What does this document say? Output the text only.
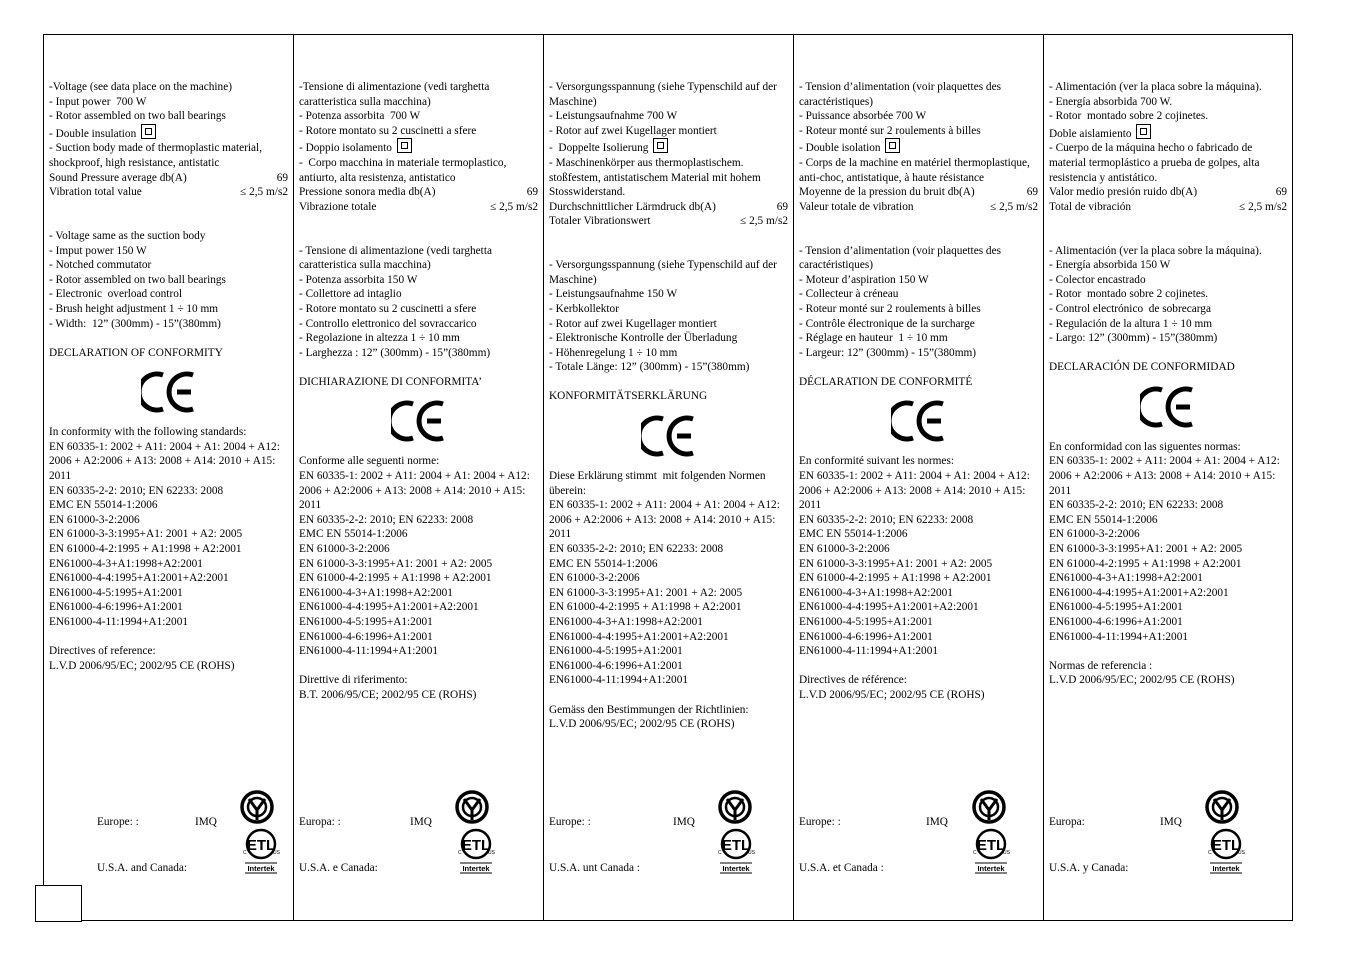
-Voltage (see data place on the machine)
- Input power  700 W
- Rotor assembled on two ball bearings
- Double insulation
- Suction body made of thermoplastic material, shockproof, high resistance, antistatic
Sound Pressure average db(A)	69
Vibration total value	≤ 2,5 m/s2
- Voltage same as the suction body
- Imput power 150 W
- Notched commutator
- Rotor assembled on two ball bearings
- Electronic  overload control
- Brush height adjustment 1 ÷ 10 mm
- Width:  12” (300mm) - 15”(380mm)
DECLARATION OF CONFORMITY
In conformity with the following standards:
EN 60335-1: 2002 + A11: 2004 + A1: 2004 + A12: 2006 + A2:2006 + A13: 2008 + A14: 2010 + A15: 2011
EN 60335-2-2: 2010; EN 62233: 2008
EMC EN 55014-1:2006
EN 61000-3-2:2006
EN 61000-3-3:1995+A1: 2001 + A2: 2005
EN 61000-4-2:1995 + A1:1998 + A2:2001
EN61000-4-3+A1:1998+A2:2001
EN61000-4-4:1995+A1:2001+A2:2001
EN61000-4-5:1995+A1:2001
EN61000-4-6:1996+A1:2001
EN61000-4-11:1994+A1:2001
Directives of reference:
L.V.D 2006/95/EC; 2002/95 CE (ROHS)
Europe: :	IMQ
U.S.A. and Canada:
ETL
C	US
Intertek
-Tensione di alimentazione (vedi targhetta caratteristica sulla macchina)
- Potenza assorbita  700 W
- Rotore montato su 2 cuscinetti a sfere
- Doppio isolamento
-  Corpo macchina in materiale termoplastico, antiurto, alta resistenza, antistatico
Pressione sonora media db(A)	69
Vibrazione totale	≤ 2,5 m/s2
- Tensione di alimentazione (vedi targhetta caratteristica sulla macchina)
- Potenza assorbita 150 W
- Collettore ad intaglio
- Rotore montato su 2 cuscinetti a sfere
- Controllo elettronico del sovraccarico
- Regolazione in altezza 1 ÷ 10 mm
- Larghezza : 12” (300mm) - 15”(380mm)
DICHIARAZIONE DI CONFORMITA’
Conforme alle seguenti norme:
EN 60335-1: 2002 + A11: 2004 + A1: 2004 + A12: 2006 + A2:2006 + A13: 2008 + A14: 2010 + A15: 2011
EN 60335-2-2: 2010; EN 62233: 2008
EMC EN 55014-1:2006
EN 61000-3-2:2006
EN 61000-3-3:1995+A1: 2001 + A2: 2005
EN 61000-4-2:1995 + A1:1998 + A2:2001
EN61000-4-3+A1:1998+A2:2001
EN61000-4-4:1995+A1:2001+A2:2001
EN61000-4-5:1995+A1:2001
EN61000-4-6:1996+A1:2001
EN61000-4-11:1994+A1:2001
Direttive di riferimento:
B.T. 2006/95/CE; 2002/95 CE (ROHS)
Europa: :	IMQ
U.S.A. e Canada:
ETL
C	US
Intertek
- Versorgungsspannung (siehe Typenschild auf der Maschine)
- Leistungsaufnahme 700 W
- Rotor auf zwei Kugellager montiert
-  Doppelte Isolierung
- Maschinenkörper aus thermoplastischem. stoßfestem, antistatischem Material mit hohem Stosswiderstand.
Durchschnittlicher Lärmdruck db(A)	69
Totaler Vibrationswert	≤ 2,5 m/s2
- Versorgungsspannung (siehe Typenschild auf der Maschine)
- Leistungsaufnahme 150 W
- Kerbkollektor
- Rotor auf zwei Kugellager montiert
- Elektronische Kontrolle der Überladung
- Höhenregelung 1 ÷ 10 mm
- Totale Länge: 12” (300mm) - 15”(380mm)
KONFORMITÄTSERKLÄRUNG
Diese Erklärung stimmt  mit folgenden Normen überein:
EN 60335-1: 2002 + A11: 2004 + A1: 2004 + A12: 2006 + A2:2006 + A13: 2008 + A14: 2010 + A15: 2011
EN 60335-2-2: 2010; EN 62233: 2008
EMC EN 55014-1:2006
EN 61000-3-2:2006
EN 61000-3-3:1995+A1: 2001 + A2: 2005
EN 61000-4-2:1995 + A1:1998 + A2:2001
EN61000-4-3+A1:1998+A2:2001
EN61000-4-4:1995+A1:2001+A2:2001
EN61000-4-5:1995+A1:2001
EN61000-4-6:1996+A1:2001
EN61000-4-11:1994+A1:2001
Gemäss den Bestimmungen der Richtlinien:
L.V.D 2006/95/EC; 2002/95 CE (ROHS)
Europe: :	IMQ
U.S.A. unt Canada :
ETL
C	US
Intertek
- Tension d’alimentation (voir plaquettes des caractéristiques)
- Puissance absorbée 700 W
- Roteur monté sur 2 roulements à billes
- Double isolation
- Corps de la machine en matériel thermoplastique, anti-choc, antistatique, à haute résistance
Moyenne de la pression du bruit db(A)	69
Valeur totale de vibration	≤ 2,5 m/s2
- Tension d’alimentation (voir plaquettes des caractéristiques)
- Moteur d’aspiration 150 W
- Collecteur à créneau
- Roteur monté sur 2 roulements à billes
- Contrôle électronique de la surcharge
- Réglage en hauteur  1 ÷ 10 mm
- Largeur: 12” (300mm) - 15”(380mm)
DÉCLARATION DE CONFORMITÉ
En conformité suivant les normes:
EN 60335-1: 2002 + A11: 2004 + A1: 2004 + A12: 2006 + A2:2006 + A13: 2008 + A14: 2010 + A15: 2011
EN 60335-2-2: 2010; EN 62233: 2008
EMC EN 55014-1:2006
EN 61000-3-2:2006
EN 61000-3-3:1995+A1: 2001 + A2: 2005
EN 61000-4-2:1995 + A1:1998 + A2:2001
EN61000-4-3+A1:1998+A2:2001
EN61000-4-4:1995+A1:2001+A2:2001
EN61000-4-5:1995+A1:2001
EN61000-4-6:1996+A1:2001
EN61000-4-11:1994+A1:2001
Directives de référence:
L.V.D 2006/95/EC; 2002/95 CE (ROHS)
Europe: :	IMQ
U.S.A. et Canada :
ETL
C	US
Intertek
- Alimentación (ver la placa sobre la máquina).
- Energía absorbida 700 W.
- Rotor  montado sobre 2 cojinetes.
Doble aislamiento
- Cuerpo de la máquina hecho o fabricado de material termoplástico a prueba de golpes, alta resistencia y antistático.
Valor medio presión ruido db(A)	69
Total de vibración	≤ 2,5 m/s2
- Alimentación (ver la placa sobre la máquina).
- Energía absorbida 150 W
- Colector encastrado
- Rotor  montado sobre 2 cojinetes.
- Control electrónico  de sobrecarga
- Regulación de la altura 1 ÷ 10 mm
- Largo: 12” (300mm) - 15”(380mm)
DECLARACIÓN DE CONFORMIDAD
En conformidad con las siguentes normas:
EN 60335-1: 2002 + A11: 2004 + A1: 2004 + A12: 2006 + A2:2006 + A13: 2008 + A14: 2010 + A15: 2011
EN 60335-2-2: 2010; EN 62233: 2008
EMC EN 55014-1:2006
EN 61000-3-2:2006
EN 61000-3-3:1995+A1: 2001 + A2: 2005
EN 61000-4-2:1995 + A1:1998 + A2:2001
EN61000-4-3+A1:1998+A2:2001
EN61000-4-4:1995+A1:2001+A2:2001
EN61000-4-5:1995+A1:2001
EN61000-4-6:1996+A1:2001
EN61000-4-11:1994+A1:2001
Normas de referencia :
L.V.D 2006/95/EC; 2002/95 CE (ROHS)
Europa:	IMQ
U.S.A. y Canada:
ETL
C	US
Intertek
